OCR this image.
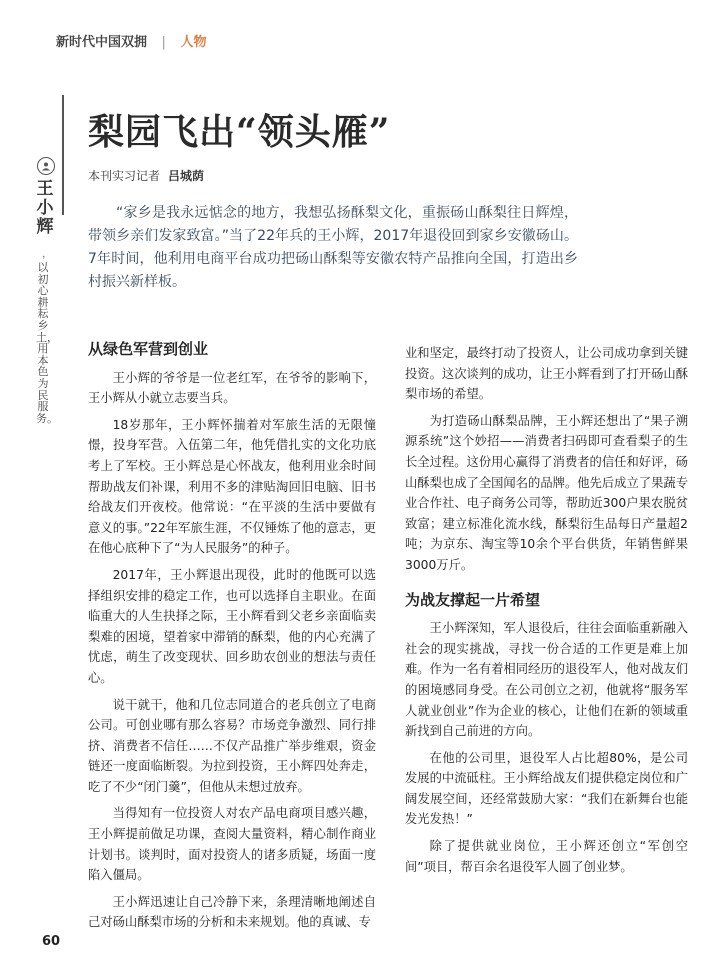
新时代中国双拥 | 人物
王小辉
，
以初心耕耘乡土，用本色为民服务。
梨园飞出“领头雁”
本刊实习记者 吕城荫
“家乡是我永远惦念的地方，我想弘扬酥梨文化，重振砀山酥梨往日辉煌，带领乡亲们发家致富。”当了22年兵的王小辉，2017年退役回到家乡安徽砀山。7年时间，他利用电商平台成功把砀山酥梨等安徽农特产品推向全国，打造出乡村振兴新样板。
从绿色军营到创业

王小辉的爷爷是一位老红军，在爷爷的影响下，王小辉从小就立志要当兵。

18岁那年，王小辉怀揣着对军旅生活的无限憧憬，投身军营。入伍第二年，他凭借扎实的文化功底考上了军校。王小辉总是心怀战友，他利用业余时间帮助战友们补课，利用不多的津贴淘回旧电脑、旧书给战友们开夜校。他常说：“在平淡的生活中要做有意义的事。”22年军旅生涯，不仅锤炼了他的意志，更在他心底种下了“为人民服务”的种子。

2017年，王小辉退出现役，此时的他既可以选择组织安排的稳定工作，也可以选择自主职业。在面临重大的人生抉择之际，王小辉看到父老乡亲面临卖梨难的困境，望着家中滞销的酥梨，他的内心充满了忧虑，萌生了改变现状、回乡助农创业的想法与责任心。

说干就干，他和几位志同道合的老兵创立了电商公司。可创业哪有那么容易？市场竞争激烈、同行排挤、消费者不信任……不仅产品推广举步维艰，资金链还一度面临断裂。为拉到投资，王小辉四处奔走，吃了不少“闭门羹”，但他从未想过放弃。

当得知有一位投资人对农产品电商项目感兴趣，王小辉提前做足功课，查阅大量资料，精心制作商业计划书。谈判时，面对投资人的诸多质疑，场面一度陷入僵局。

王小辉迅速让自己冷静下来，条理清晰地阐述自己对砀山酥梨市场的分析和未来规划。他的真诚、专

业和坚定，最终打动了投资人，让公司成功拿到关键投资。这次谈判的成功，让王小辉看到了打开砀山酥梨市场的希望。

为打造砀山酥梨品牌，王小辉还想出了“果子溯源系统”这个妙招——消费者扫码即可查看梨子的生长全过程。这份用心赢得了消费者的信任和好评，砀山酥梨也成了全国闻名的品牌。他先后成立了果蔬专业合作社、电子商务公司等，帮助近300户果农脱贫致富；建立标准化流水线，酥梨衍生品每日产量超2吨；为京东、淘宝等10余个平台供货，年销售鲜果3000万斤。

为战友撑起一片希望

王小辉深知，军人退役后，往往会面临重新融入社会的现实挑战，寻找一份合适的工作更是难上加难。作为一名有着相同经历的退役军人，他对战友们的困境感同身受。在公司创立之初，他就将“服务军人就业创业”作为企业的核心，让他们在新的领域重新找到自己前进的方向。

在他的公司里，退役军人占比超80%，是公司发展的中流砥柱。王小辉给战友们提供稳定岗位和广阔发展空间，还经常鼓励大家：“我们在新舞台也能发光发热！”

除了提供就业岗位，王小辉还创立“军创空间”项目，帮百余名退役军人圆了创业梦。

60
